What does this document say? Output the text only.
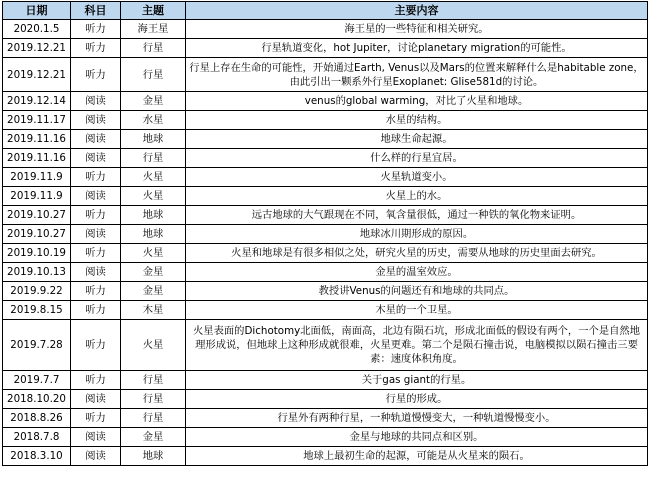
日期	科目	主题	主要内容
2020.1.5	听力	海王星	海王星的一些特征和相关研究。
2019.12.21	听力	行星	行星轨道变化，hot Jupiter，讨论planetary migration的可能性。
2019.12.21	听力	行星	行星上存在生命的可能性，开始通过Earth, Venus以及Mars的位置来解释什么是habitable zone，由此引出一颗系外行星Exoplanet: Glise581d的讨论。
2019.12.14	阅读	金星	venus的global warming，对比了火星和地球。
2019.11.17	阅读	水星	水星的结构。
2019.11.16	阅读	地球	地球生命起源。
2019.11.16	阅读	行星	什么样的行星宜居。
2019.11.9	听力	火星	火星轨道变小。
2019.11.9	阅读	火星	火星上的水。
2019.10.27	听力	地球	远古地球的大气跟现在不同，氧含量很低，通过一种铁的氧化物来证明。
2019.10.27	阅读	地球	地球冰川期形成的原因。
2019.10.19	听力	火星	火星和地球是有很多相似之处，研究火星的历史，需要从地球的历史里面去研究。
2019.10.13	阅读	金星	金星的温室效应。
2019.9.22	听力	金星	教授讲Venus的问题还有和地球的共同点。
2019.8.15	听力	木星	木星的一个卫星。
2019.7.28	听力	火星	火星表面的Dichotomy北面低，南面高，北边有陨石坑，形成北面低的假设有两个，一个是自然地理形成说，但地球上这种形成就很难，火星更难。第二个是陨石撞击说，电脑模拟以陨石撞击三要素：速度体积角度。
2019.7.7	听力	行星	关于gas giant的行星。
2018.10.20	阅读	行星	行星的形成。
2018.8.26	听力	行星	行星外有两种行星，一种轨道慢慢变大，一种轨道慢慢变小。
2018.7.8	阅读	金星	金星与地球的共同点和区别。
2018.3.10	阅读	地球	地球上最初生命的起源，可能是从火星来的陨石。
